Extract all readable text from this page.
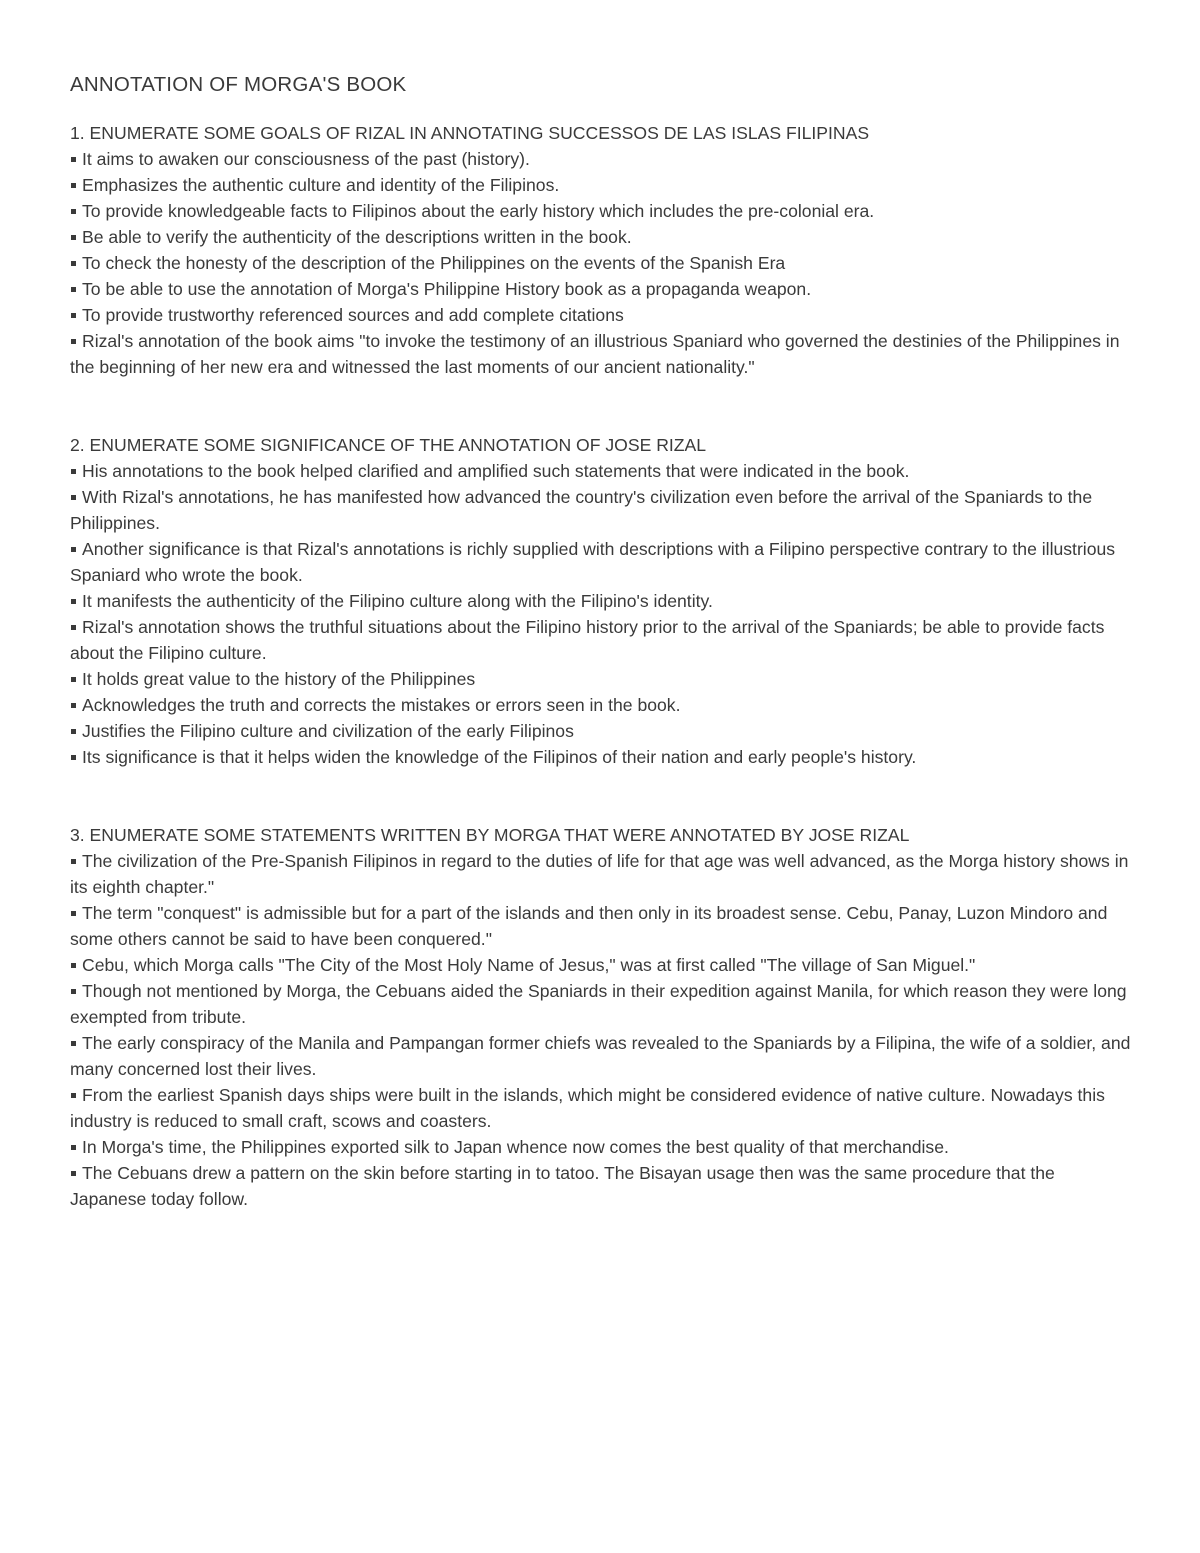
ANNOTATION OF MORGA'S BOOK
1. ENUMERATE SOME GOALS OF RIZAL IN ANNOTATING SUCCESSOS DE LAS ISLAS FILIPINAS
It aims to awaken our consciousness of the past (history).
Emphasizes the authentic culture and identity of the Filipinos.
To provide knowledgeable facts to Filipinos about the early history which includes the pre-colonial era.
Be able to verify the authenticity of the descriptions written in the book.
To check the honesty of the description of the Philippines on the events of the Spanish Era
To be able to use the annotation of Morga's Philippine History book as a propaganda weapon.
To provide trustworthy referenced sources and add complete citations
Rizal's annotation of the book aims "to invoke the testimony of an illustrious Spaniard who governed the destinies of the Philippines in the beginning of her new era and witnessed the last moments of our ancient nationality."
2. ENUMERATE SOME SIGNIFICANCE OF THE ANNOTATION OF JOSE RIZAL
His annotations to the book helped clarified and amplified such statements that were indicated in the book.
With Rizal's annotations, he has manifested how advanced the country's civilization even before the arrival of the Spaniards to the Philippines.
Another significance is that Rizal's annotations is richly supplied with descriptions with a Filipino perspective contrary to the illustrious Spaniard who wrote the book.
It manifests the authenticity of the Filipino culture along with the Filipino's identity.
Rizal's annotation shows the truthful situations about the Filipino history prior to the arrival of the Spaniards; be able to provide facts about the Filipino culture.
It holds great value to the history of the Philippines
Acknowledges the truth and corrects the mistakes or errors seen in the book.
Justifies the Filipino culture and civilization of the early Filipinos
Its significance is that it helps widen the knowledge of the Filipinos of their nation and early people's history.
3. ENUMERATE SOME STATEMENTS WRITTEN BY MORGA THAT WERE ANNOTATED BY JOSE RIZAL
The civilization of the Pre-Spanish Filipinos in regard to the duties of life for that age was well advanced, as the Morga history shows in its eighth chapter."
The term "conquest" is admissible but for a part of the islands and then only in its broadest sense. Cebu, Panay, Luzon Mindoro and some others cannot be said to have been conquered."
Cebu, which Morga calls "The City of the Most Holy Name of Jesus," was at first called "The village of San Miguel."
Though not mentioned by Morga, the Cebuans aided the Spaniards in their expedition against Manila, for which reason they were long exempted from tribute.
The early conspiracy of the Manila and Pampangan former chiefs was revealed to the Spaniards by a Filipina, the wife of a soldier, and many concerned lost their lives.
From the earliest Spanish days ships were built in the islands, which might be considered evidence of native culture. Nowadays this industry is reduced to small craft, scows and coasters.
In Morga's time, the Philippines exported silk to Japan whence now comes the best quality of that merchandise.
The Cebuans drew a pattern on the skin before starting in to tatoo. The Bisayan usage then was the same procedure that the Japanese today follow.
